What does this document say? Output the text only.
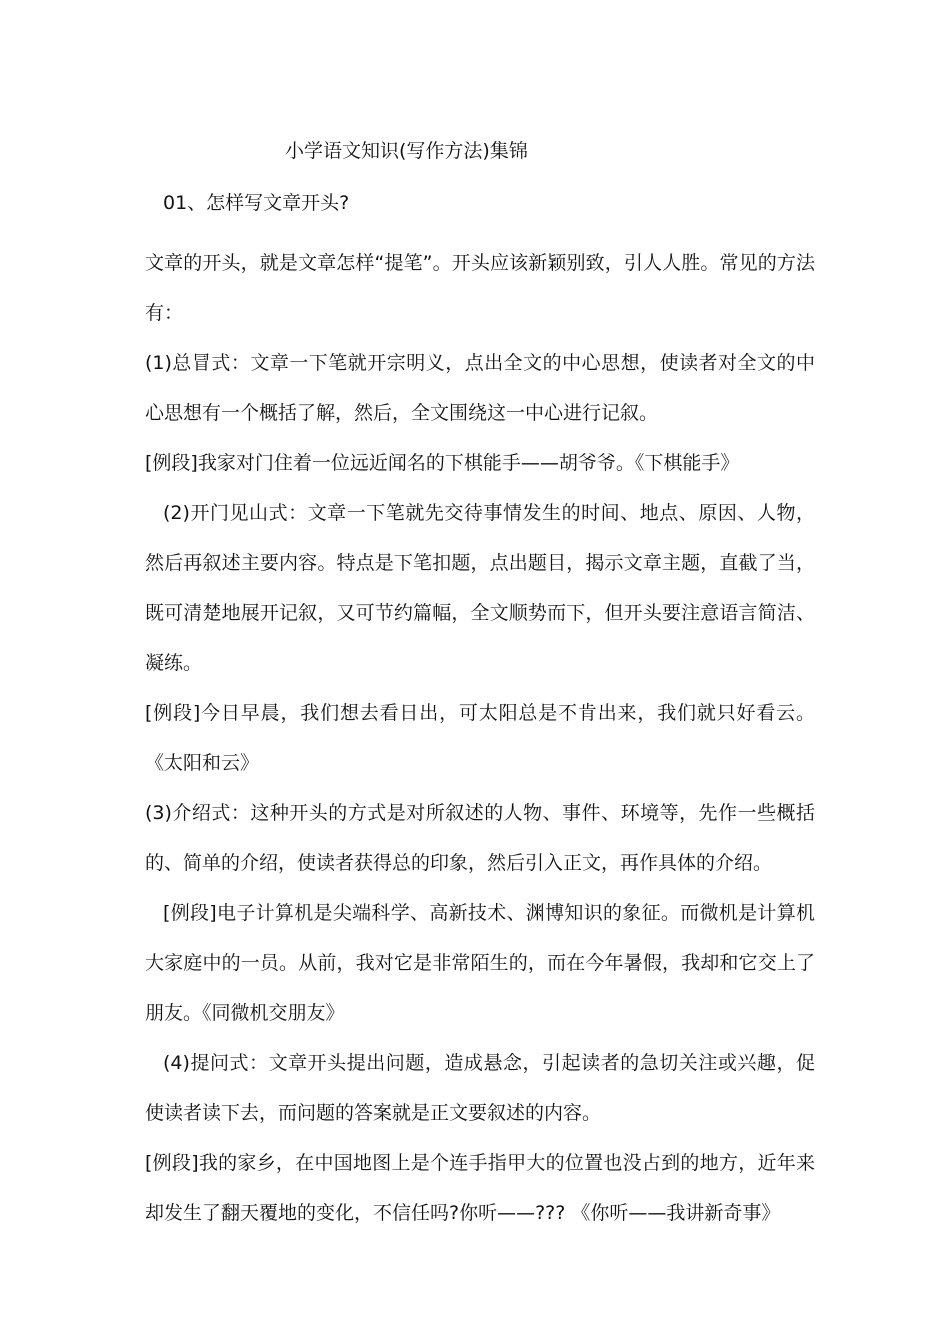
小学语文知识(写作方法)集锦
01、怎样写文章开头?

文章的开头，就是文章怎样“提笔”。开头应该新颖别致，引人人胜。常见的方法有：

(1)总冒式：文章一下笔就开宗明义，点出全文的中心思想，使读者对全文的中心思想有一个概括了解，然后，全文围绕这一中心进行记叙。

[例段]我家对门住着一位远近闻名的下棋能手——胡爷爷。《下棋能手》

(2)开门见山式：文章一下笔就先交待事情发生的时间、地点、原因、人物，然后再叙述主要内容。特点是下笔扣题，点出题目，揭示文章主题，直截了当，既可清楚地展开记叙，又可节约篇幅，全文顺势而下，但开头要注意语言简洁、凝练。

[例段]今日早晨，我们想去看日出，可太阳总是不肯出来，我们就只好看云。《太阳和云》

(3)介绍式：这种开头的方式是对所叙述的人物、事件、环境等，先作一些概括的、简单的介绍，使读者获得总的印象，然后引入正文，再作具体的介绍。

[例段]电子计算机是尖端科学、高新技术、渊博知识的象征。而微机是计算机大家庭中的一员。从前，我对它是非常陌生的，而在今年暑假，我却和它交上了朋友。《同微机交朋友》

(4)提问式：文章开头提出问题，造成悬念，引起读者的急切关注或兴趣，促使读者读下去，而问题的答案就是正文要叙述的内容。

[例段]我的家乡，在中国地图上是个连手指甲大的位置也没占到的地方，近年来却发生了翻天覆地的变化，不信任吗?你听——??? 《你听——我讲新奇事》
